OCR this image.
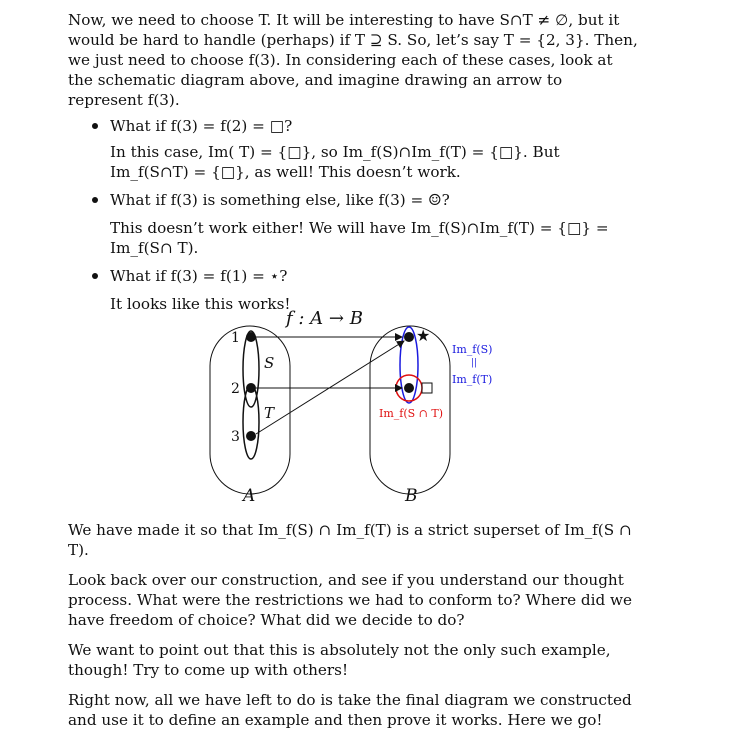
Now, we need to choose T. It will be interesting to have S∩T ≠ ∅, but it would be hard to handle (perhaps) if T ⊇ S. So, let’s say T = {2, 3}. Then, we just need to choose f(3). In considering each of these cases, look at the schematic diagram above, and imagine drawing an arrow to represent f(3).

What if f(3) = f(2) = □?

In this case, Im( T) = {□}, so Im_f(S)∩Im_f(T) = {□}. But Im_f(S∩T) = {□}, as well! This doesn’t work.

What if f(3) is something else, like f(3) = ☺?

This doesn’t work either! We will have Im_f(S)∩Im_f(T) = {□} = Im_f(S∩ T).

What if f(3) = f(1) = ⋆?

It looks like this works!

f : A → B
1
2
3
S
T
★
Im_f(S)
||
Im_f(T)
Im_f(S ∩ T)
A	B

We have made it so that Im_f(S) ∩ Im_f(T) is a strict superset of Im_f(S ∩ T).

Look back over our construction, and see if you understand our thought process. What were the restrictions we had to conform to? Where did we have freedom of choice? What did we decide to do?

We want to point out that this is absolutely not the only such example, though! Try to come up with others!

Right now, all we have left to do is take the final diagram we constructed and use it to define an example and then prove it works. Here we go!
